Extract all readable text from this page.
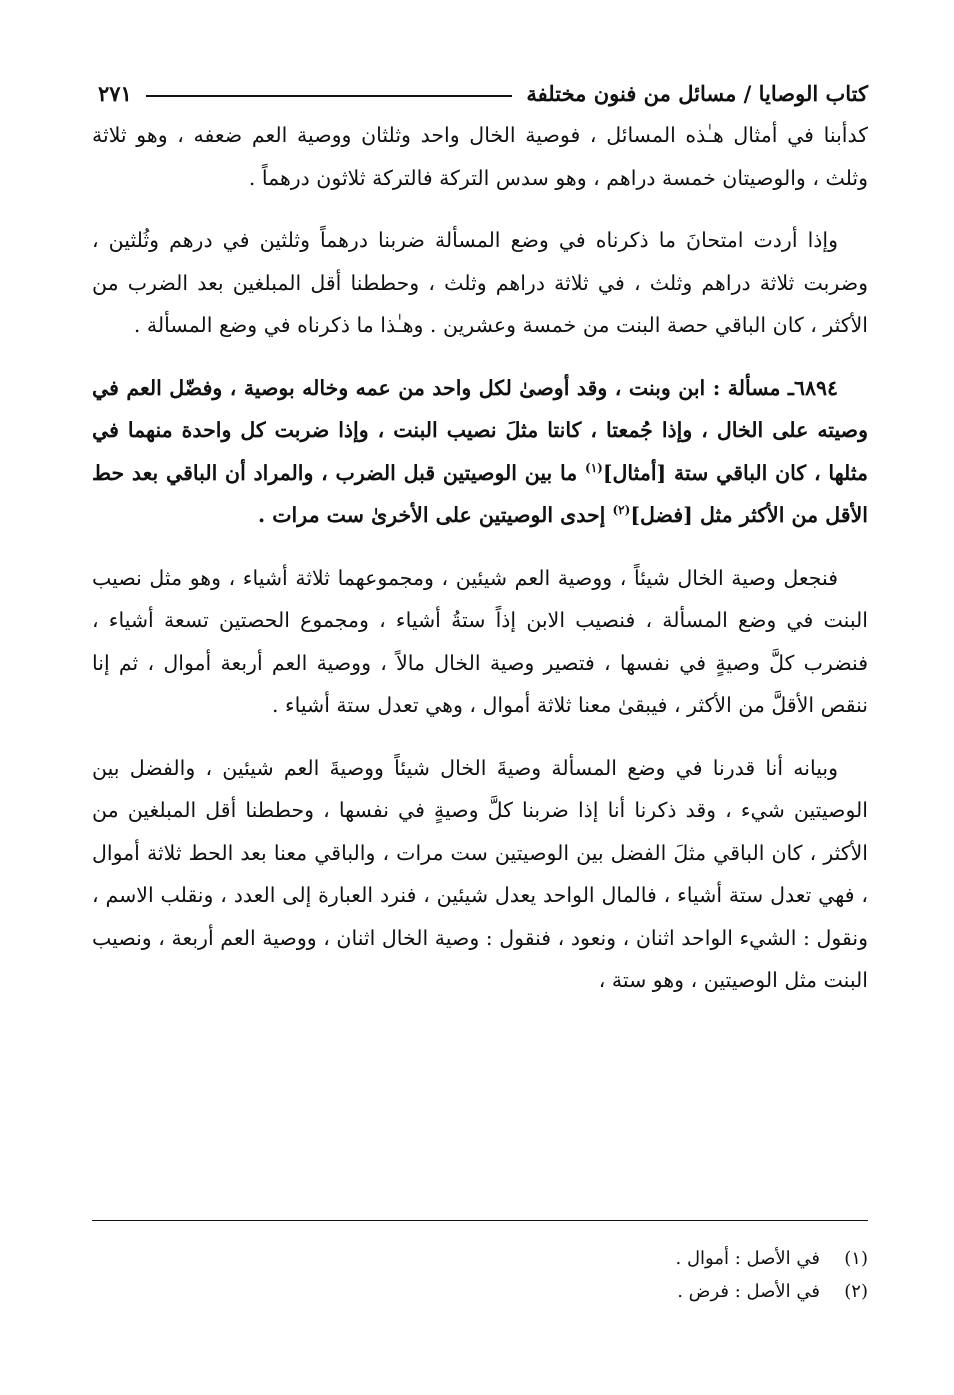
كتاب الوصايا / مسائل من فنون مختلفة
٢٧١

كدأبنا في أمثال هـٰذه المسائل ، فوصية الخال واحد وثلثان ووصية العم ضعفه ، وهو ثلاثة وثلث ، والوصيتان خمسة دراهم ، وهو سدس التركة فالتركة ثلاثون درهماً .

وإذا أردت امتحانَ ما ذكرناه في وضع المسألة ضربنا درهماً وثلثين في درهم وثُلثين ، وضربت ثلاثة دراهم وثلث ، في ثلاثة دراهم وثلث ، وحططنا أقل المبلغين بعد الضرب من الأكثر ، كان الباقي حصة البنت من خمسة وعشرين . وهـٰذا ما ذكرناه في وضع المسألة .

٦٨٩٤ـ مسألة : ابن وبنت ، وقد أوصىٰ لكل واحد من عمه وخاله بوصية ، وفضّل العم في وصيته على الخال ، وإذا جُمعتا ، كانتا مثلَ نصيب البنت ، وإذا ضربت كل واحدة منهما في مثلها ، كان الباقي ستة [أمثال]$^{(١)}$ ما بين الوصيتين قبل الضرب ، والمراد أن الباقي بعد حط الأقل من الأكثر مثل [فضل]$^{(٢)}$ إحدى الوصيتين على الأخرىٰ ست مرات .

فنجعل وصية الخال شيئاً ، ووصية العم شيئين ، ومجموعهما ثلاثة أشياء ، وهو مثل نصيب البنت في وضع المسألة ، فنصيب الابن إذاً ستةُ أشياء ، ومجموع الحصتين تسعة أشياء ، فنضرب كلَّ وصيةٍ في نفسها ، فتصير وصية الخال مالاً ، ووصية العم أربعة أموال ، ثم إنا ننقص الأقلَّ من الأكثر ، فيبقىٰ معنا ثلاثة أموال ، وهي تعدل ستة أشياء .

وبيانه أنا قدرنا في وضع المسألة وصيةَ الخال شيئاً ووصيةَ العم شيئين ، والفضل بين الوصيتين شيء ، وقد ذكرنا أنا إذا ضربنا كلَّ وصيةٍ في نفسها ، وحططنا أقل المبلغين من الأكثر ، كان الباقي مثلَ الفضل بين الوصيتين ست مرات ، والباقي معنا بعد الحط ثلاثة أموال ، فهي تعدل ستة أشياء ، فالمال الواحد يعدل شيئين ، فنرد العبارة إلى العدد ، ونقلب الاسم ، ونقول : الشيء الواحد اثنان ، ونعود ، فنقول : وصية الخال اثنان ، ووصية العم أربعة ، ونصيب البنت مثل الوصيتين ، وهو ستة ،

(١)
في الأصل : أموال .
(٢)
في الأصل : فرض .
